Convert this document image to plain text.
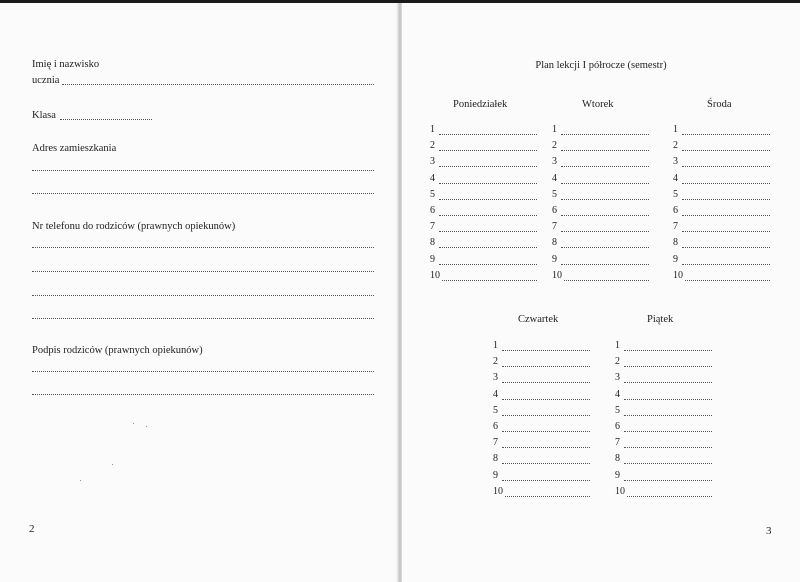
Imię i nazwisko
ucznia
Klasa
Adres zamieszkania
Nr telefonu do rodziców (prawnych opiekunów)
Podpis rodziców (prawnych opiekunów)
2
Plan lekcji I półrocze (semestr)
Poniedziałek
1
2
3
4
5
6
7
8
9
10
Wtorek
1
2
3
4
5
6
7
8
9
10
Środa
1
2
3
4
5
6
7
8
9
10
Czwartek
1
2
3
4
5
6
7
8
9
10
Piątek
1
2
3
4
5
6
7
8
9
10
3
